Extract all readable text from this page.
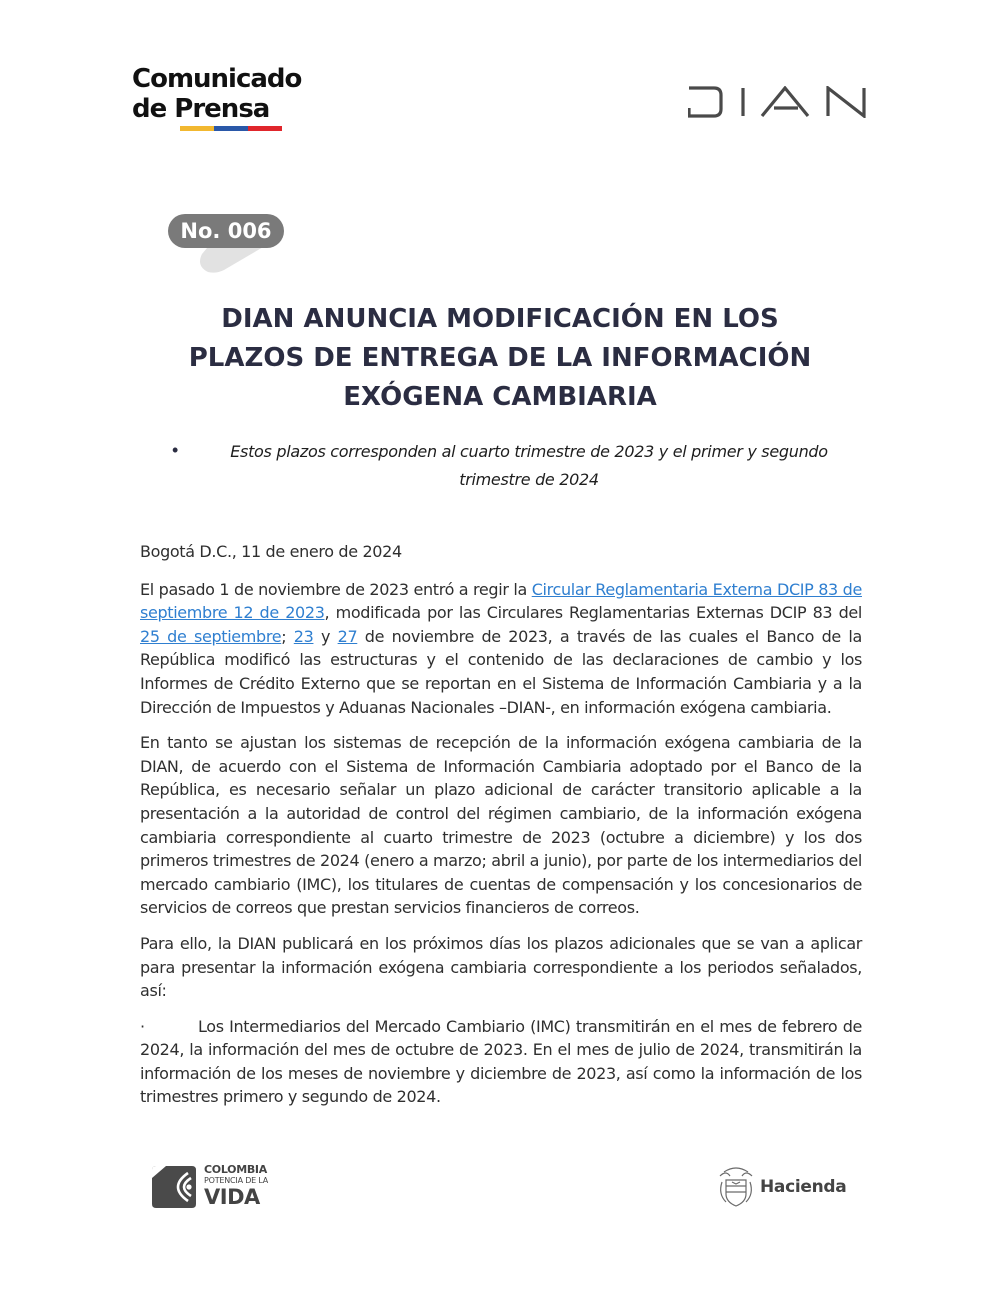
Comunicado
de Prensa
No. 006
DIAN ANUNCIA MODIFICACIÓN EN LOS
PLAZOS DE ENTREGA DE LA INFORMACIÓN
EXÓGENA CAMBIARIA
•	Estos plazos corresponden al cuarto trimestre de 2023 y el primer y segundo trimestre de 2024

Bogotá D.C., 11 de enero de 2024

El pasado 1 de noviembre de 2023 entró a regir la Circular Reglamentaria Externa DCIP 83 de septiembre 12 de 2023, modificada por las Circulares Reglamentarias Externas DCIP 83 del 25 de septiembre; 23 y 27 de noviembre de 2023, a través de las cuales el Banco de la República modificó las estructuras y el contenido de las declaraciones de cambio y los Informes de Crédito Externo que se reportan en el Sistema de Información Cambiaria y a la Dirección de Impuestos y Aduanas Nacionales –DIAN-, en información exógena cambiaria.

En tanto se ajustan los sistemas de recepción de la información exógena cambiaria de la DIAN, de acuerdo con el Sistema de Información Cambiaria adoptado por el Banco de la República, es necesario señalar un plazo adicional de carácter transitorio aplicable a la presentación a la autoridad de control del régimen cambiario, de la información exógena cambiaria correspondiente al cuarto trimestre de 2023 (octubre a diciembre) y los dos primeros trimestres de 2024 (enero a marzo; abril a junio), por parte de los intermediarios del mercado cambiario (IMC), los titulares de cuentas de compensación y los concesionarios de servicios de correos que prestan servicios financieros de correos.

Para ello, la DIAN publicará en los próximos días los plazos adicionales que se van a aplicar para presentar la información exógena cambiaria correspondiente a los periodos señalados, así:

·	Los Intermediarios del Mercado Cambiario (IMC) transmitirán en el mes de febrero de 2024, la información del mes de octubre de 2023. En el mes de julio de 2024, transmitirán la información de los meses de noviembre y diciembre de 2023, así como la información de los trimestres primero y segundo de 2024.

COLOMBIA
POTENCIA DE LA
VIDA	Hacienda
